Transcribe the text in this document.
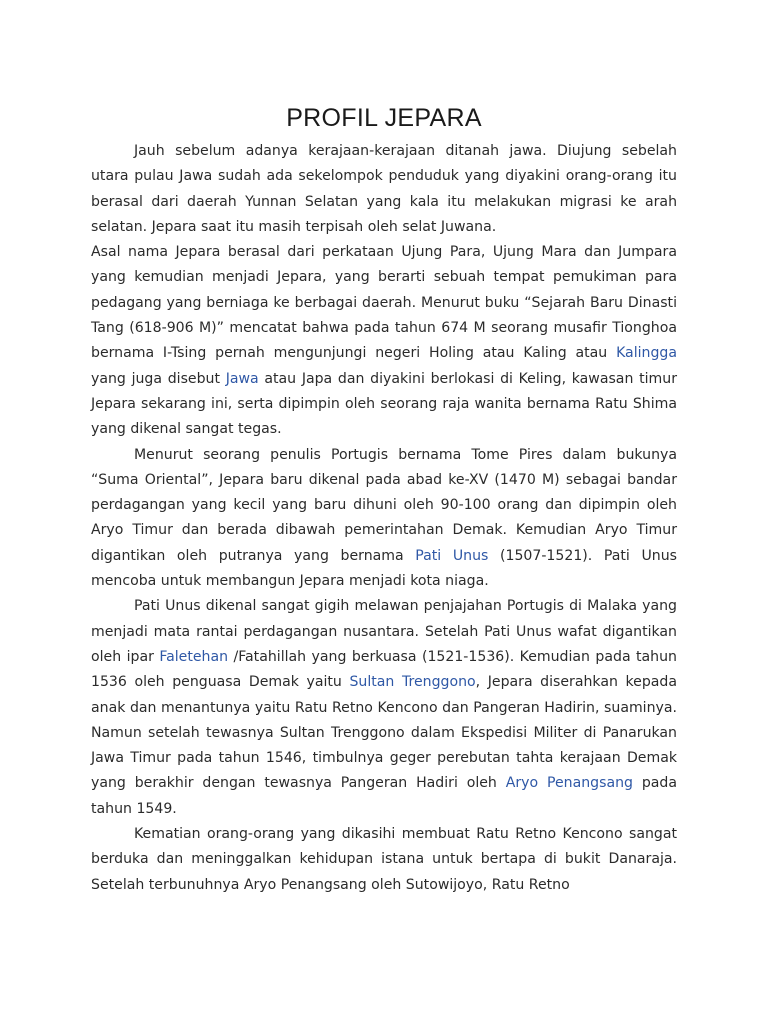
PROFIL JEPARA

Jauh sebelum adanya kerajaan-kerajaan ditanah jawa. Diujung sebelah utara pulau Jawa sudah ada sekelompok penduduk yang diyakini orang-orang itu berasal dari daerah Yunnan Selatan yang kala itu melakukan migrasi ke arah selatan. Jepara saat itu masih terpisah oleh selat Juwana.

Asal nama Jepara berasal dari perkataan Ujung Para, Ujung Mara dan Jumpara yang kemudian menjadi Jepara, yang berarti sebuah tempat pemukiman para pedagang yang berniaga ke berbagai daerah. Menurut buku “Sejarah Baru Dinasti Tang (618-906 M)” mencatat bahwa pada tahun 674 M seorang musafir Tionghoa bernama I-Tsing pernah mengunjungi negeri Holing atau Kaling atau Kalingga yang juga disebut Jawa atau Japa dan diyakini berlokasi di Keling, kawasan timur Jepara sekarang ini, serta dipimpin oleh seorang raja wanita bernama Ratu Shima yang dikenal sangat tegas.

Menurut seorang penulis Portugis bernama Tome Pires dalam bukunya “Suma Oriental”, Jepara baru dikenal pada abad ke-XV (1470 M) sebagai bandar perdagangan yang kecil yang baru dihuni oleh 90-100 orang dan dipimpin oleh Aryo Timur dan berada dibawah pemerintahan Demak. Kemudian Aryo Timur digantikan oleh putranya yang bernama Pati Unus (1507-1521). Pati Unus mencoba untuk membangun Jepara menjadi kota niaga.

Pati Unus dikenal sangat gigih melawan penjajahan Portugis di Malaka yang menjadi mata rantai perdagangan nusantara. Setelah Pati Unus wafat digantikan oleh ipar Faletehan /Fatahillah yang berkuasa (1521-1536). Kemudian pada tahun 1536 oleh penguasa Demak yaitu Sultan Trenggono, Jepara diserahkan kepada anak dan menantunya yaitu Ratu Retno Kencono dan Pangeran Hadirin, suaminya. Namun setelah tewasnya Sultan Trenggono dalam Ekspedisi Militer di Panarukan Jawa Timur pada tahun 1546, timbulnya geger perebutan tahta kerajaan Demak yang berakhir dengan tewasnya Pangeran Hadiri oleh Aryo Penangsang pada tahun 1549.

Kematian orang-orang yang dikasihi membuat Ratu Retno Kencono sangat berduka dan meninggalkan kehidupan istana untuk bertapa di bukit Danaraja. Setelah terbunuhnya Aryo Penangsang oleh Sutowijoyo, Ratu Retno
